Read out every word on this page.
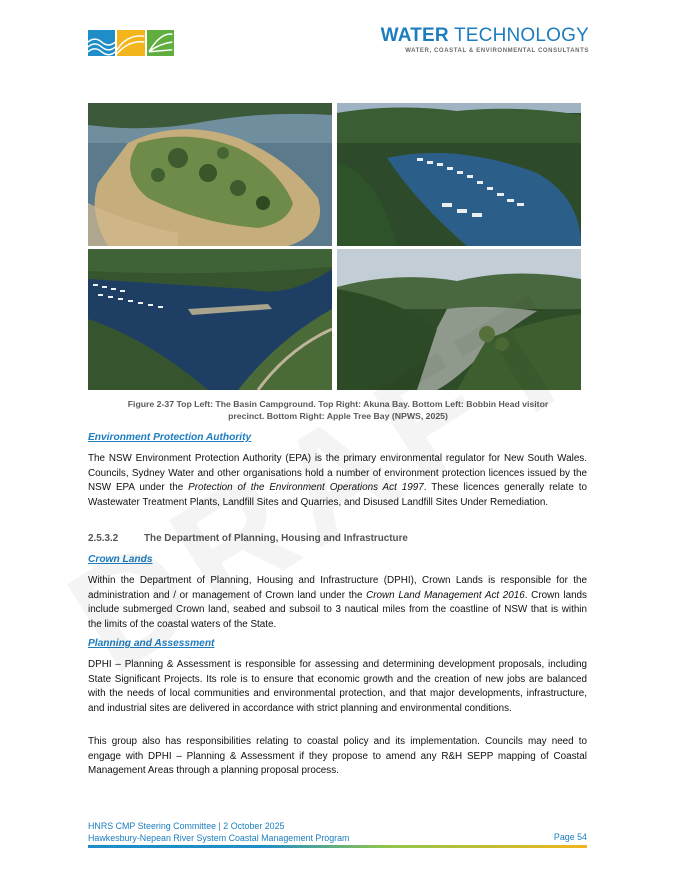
WATER TECHNOLOGY
WATER, COASTAL & ENVIRONMENTAL CONSULTANTS
Figure 2-37 Top Left: The Basin Campground. Top Right: Akuna Bay. Bottom Left: Bobbin Head visitor
precinct. Bottom Right: Apple Tree Bay (NPWS, 2025)
Environment Protection Authority
The NSW Environment Protection Authority (EPA) is the primary environmental regulator for New South Wales. Councils, Sydney Water and other organisations hold a number of environment protection licences issued by the NSW EPA under the Protection of the Environment Operations Act 1997. These licences generally relate to Wastewater Treatment Plants, Landfill Sites and Quarries, and Disused Landfill Sites Under Remediation.
2.5.3.2	The Department of Planning, Housing and Infrastructure
Crown Lands
Within the Department of Planning, Housing and Infrastructure (DPHI), Crown Lands is responsible for the administration and / or management of Crown land under the Crown Land Management Act 2016. Crown lands include submerged Crown land, seabed and subsoil to 3 nautical miles from the coastline of NSW that is within the limits of the coastal waters of the State.
Planning and Assessment
DPHI – Planning & Assessment is responsible for assessing and determining development proposals, including State Significant Projects. Its role is to ensure that economic growth and the creation of new jobs are balanced with the needs of local communities and environmental protection, and that major developments, infrastructure, and industrial sites are delivered in accordance with strict planning and environmental conditions.
This group also has responsibilities relating to coastal policy and its implementation. Councils may need to engage with DPHI – Planning & Assessment if they propose to amend any R&H SEPP mapping of Coastal Management Areas through a planning proposal process.
HNRS CMP Steering Committee | 2 October 2025
Hawkesbury-Nepean River System Coastal Management Program	Page 54
